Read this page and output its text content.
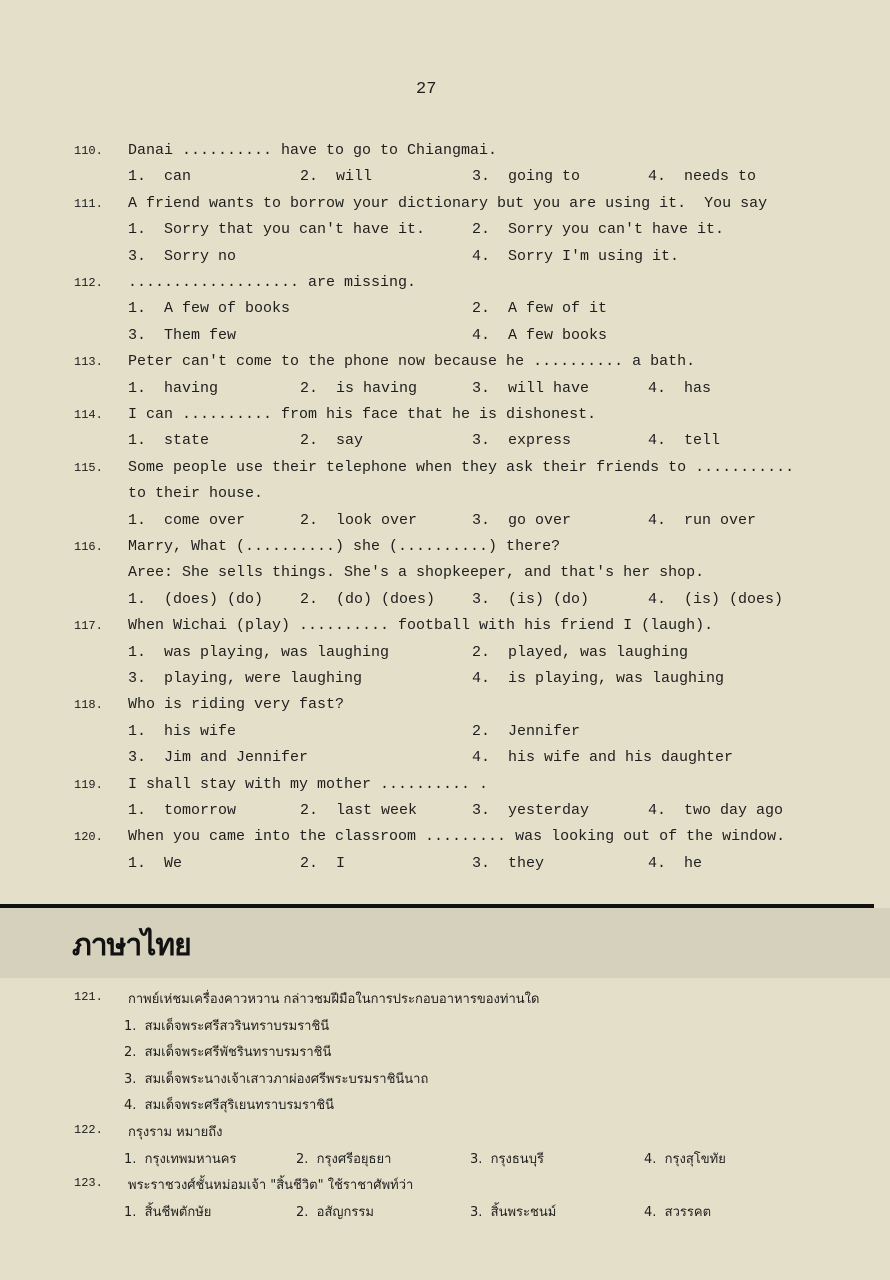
27
110. Danai .......... have to go to Chiangmai.
1.  can	2.  will	3.  going to	4.  needs to
111. A friend wants to borrow your dictionary but you are using it.  You say
1.  Sorry that you can't have it.	2.  Sorry you can't have it.
3.  Sorry no	4.  Sorry I'm using it.
112. ................... are missing.
1.  A few of books	2.  A few of it
3.  Them few	4.  A few books
113. Peter can't come to the phone now because he .......... a bath.
1.  having	2.  is having	3.  will have	4.  has
114. I can .......... from his face that he is dishonest.
1.  state	2.  say	3.  express	4.  tell
115. Some people use their telephone when they ask their friends to ...........
to their house.
1.  come over	2.  look over	3.  go over	4.  run over
116. Marry, What (..........) she (..........) there?
Aree: She sells things. She's a shopkeeper, and that's her shop.
1.  (does) (do) 2.  (do) (does) 3.  (is) (do)	4.  (is) (does)
117. When Wichai (play) .......... football with his friend I (laugh).
1.  was playing, was laughing	2.  played, was laughing
3.  playing, were laughing	4.  is playing, was laughing
118. Who is riding very fast?
1.  his wife	2.  Jennifer
3.  Jim and Jennifer	4.  his wife and his daughter
119. I shall stay with my mother .......... .
1.  tomorrow	2.  last week	3.  yesterday	4.  two day ago
120. When you came into the classroom ......... was looking out of the window.
1.  We	2.  I	3.  they	4.  he
ภาษาไทย
121. กาพย์เห่ชมเครื่องคาวหวาน กล่าวชมฝีมือในการประกอบอาหารของท่านใด
1.  สมเด็จพระศรีสวรินทราบรมราชินี
2.  สมเด็จพระศรีพัชรินทราบรมราชินี
3.  สมเด็จพระนางเจ้าเสาวภาผ่องศรีพระบรมราชินีนาถ
4.  สมเด็จพระศรีสุริเยนทราบรมราชินี
122. กรุงราม หมายถึง
1.  กรุงเทพมหานคร	2.  กรุงศรีอยุธยา	3.  กรุงธนบุรี	4.  กรุงสุโขทัย
123. พระราชวงศ์ชั้นหม่อมเจ้า "สิ้นชีวิต" ใช้ราชาศัพท์ว่า
1.  สิ้นชีพตักษัย	2.  อสัญกรรม	3.  สิ้นพระชนม์	4.  สวรรคต
